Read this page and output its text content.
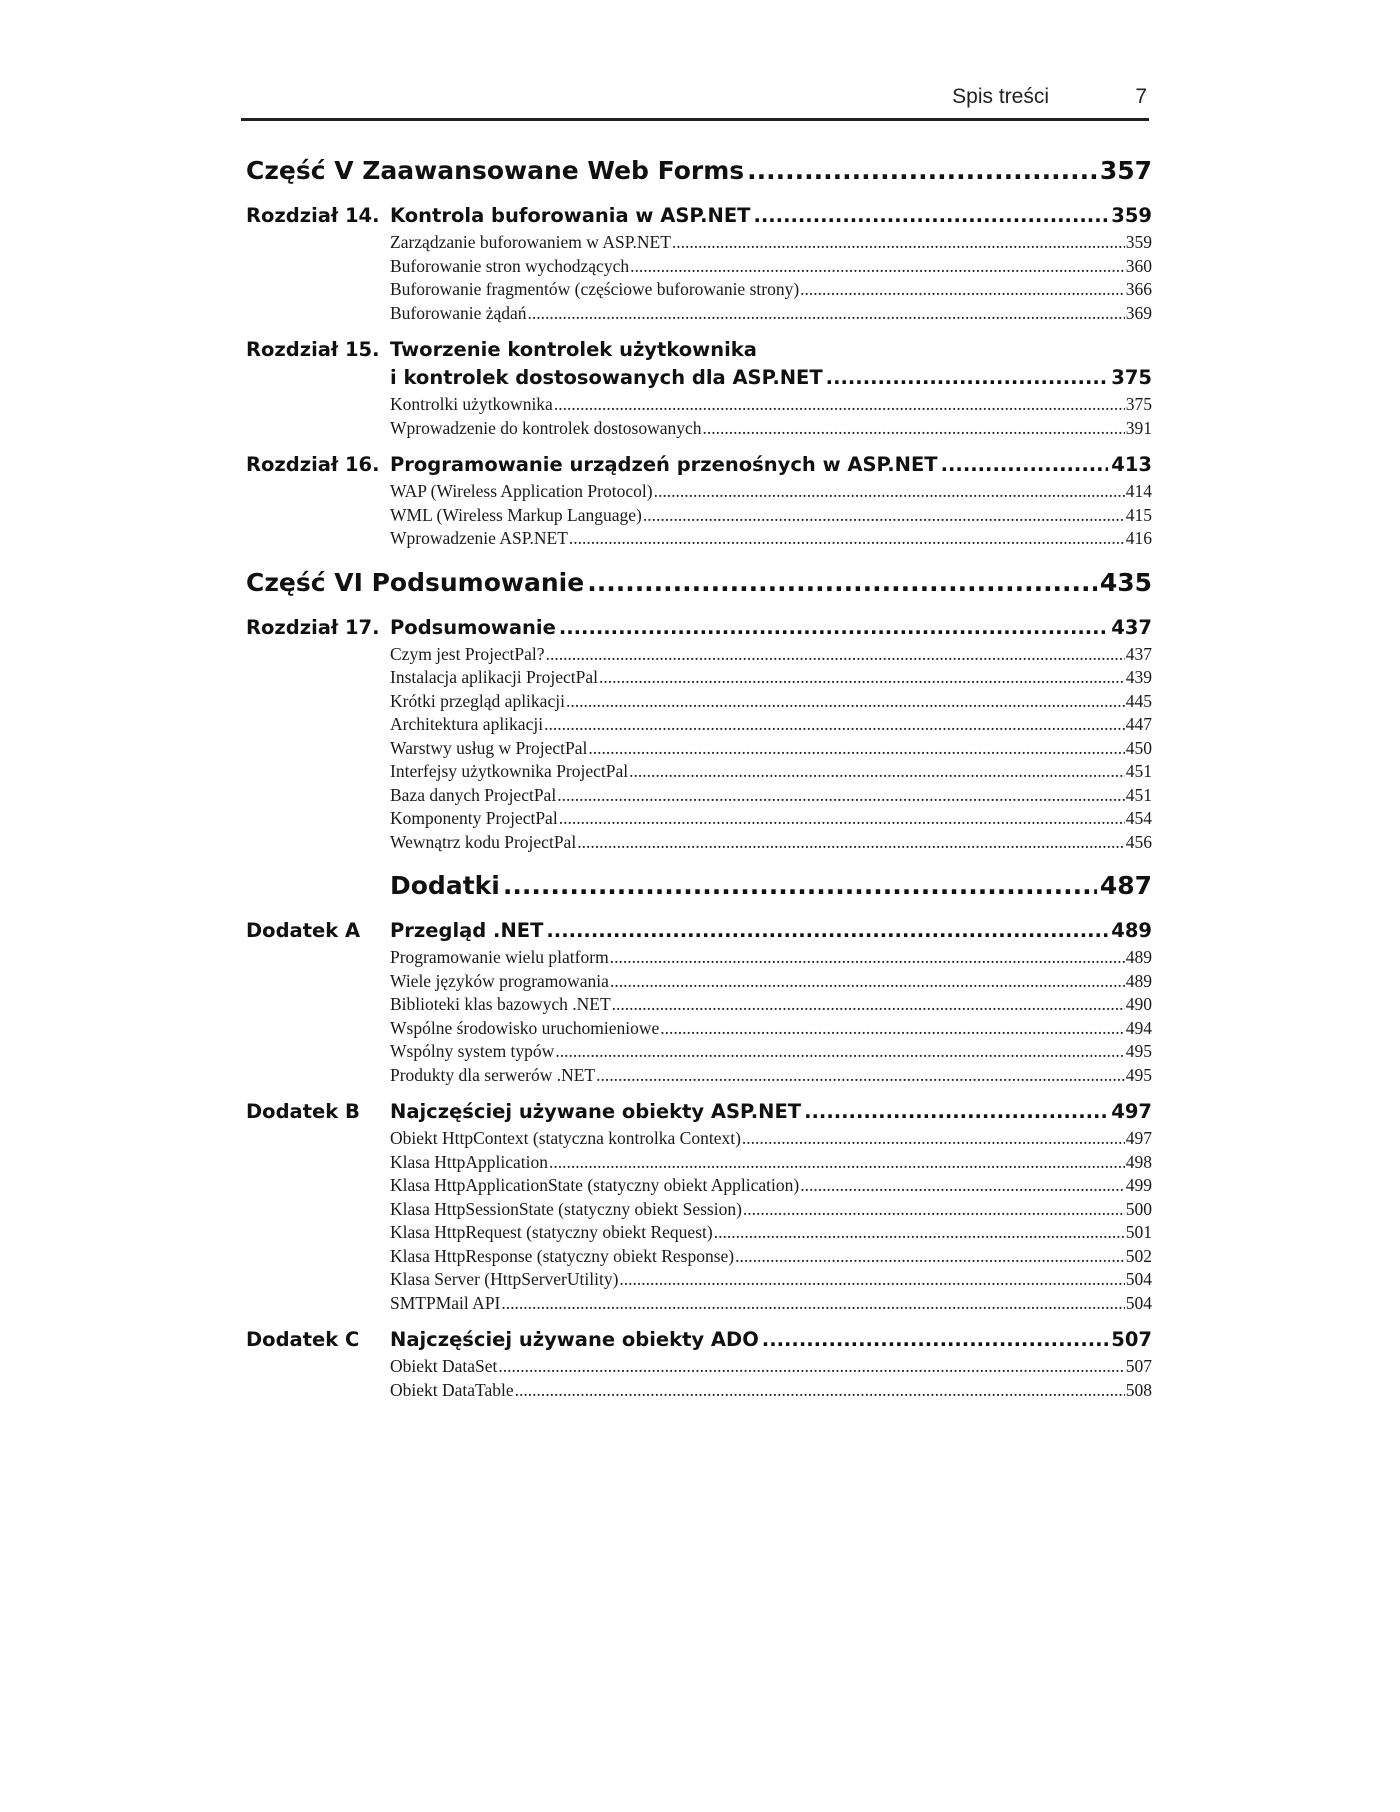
Spis treści	7
Część V Zaawansowane Web Forms .....	357
Rozdział 14. Kontrola buforowania w ASP.NET .....	359
Zarządzanie buforowaniem w ASP.NET .....	359
Buforowanie stron wychodzących .....	360
Buforowanie fragmentów (częściowe buforowanie strony) .....	366
Buforowanie żądań .....	369
Rozdział 15. Tworzenie kontrolek użytkownika
i kontrolek dostosowanych dla ASP.NET .....	375
Kontrolki użytkownika .....	375
Wprowadzenie do kontrolek dostosowanych .....	391
Rozdział 16. Programowanie urządzeń przenośnych w ASP.NET .....	413
WAP (Wireless Application Protocol) .....	414
WML (Wireless Markup Language) .....	415
Wprowadzenie ASP.NET .....	416
Część VI Podsumowanie .....	435
Rozdział 17. Podsumowanie .....	437
Czym jest ProjectPal? .....	437
Instalacja aplikacji ProjectPal .....	439
Krótki przegląd aplikacji .....	445
Architektura aplikacji .....	447
Warstwy usług w ProjectPal .....	450
Interfejsy użytkownika ProjectPal .....	451
Baza danych ProjectPal .....	451
Komponenty ProjectPal .....	454
Wewnątrz kodu ProjectPal .....	456
Dodatki .....	487
Dodatek A	Przegląd .NET .....	489
Programowanie wielu platform .....	489
Wiele języków programowania .....	489
Biblioteki klas bazowych .NET .....	490
Wspólne środowisko uruchomieniowe .....	494
Wspólny system typów .....	495
Produkty dla serwerów .NET .....	495
Dodatek B	Najczęściej używane obiekty ASP.NET .....	497
Obiekt HttpContext (statyczna kontrolka Context) .....	497
Klasa HttpApplication .....	498
Klasa HttpApplicationState (statyczny obiekt Application) .....	499
Klasa HttpSessionState (statyczny obiekt Session) .....	500
Klasa HttpRequest (statyczny obiekt Request) .....	501
Klasa HttpResponse (statyczny obiekt Response) .....	502
Klasa Server (HttpServerUtility) .....	504
SMTPMail API .....	504
Dodatek C	Najczęściej używane obiekty ADO .....	507
Obiekt DataSet .....	507
Obiekt DataTable .....	508
